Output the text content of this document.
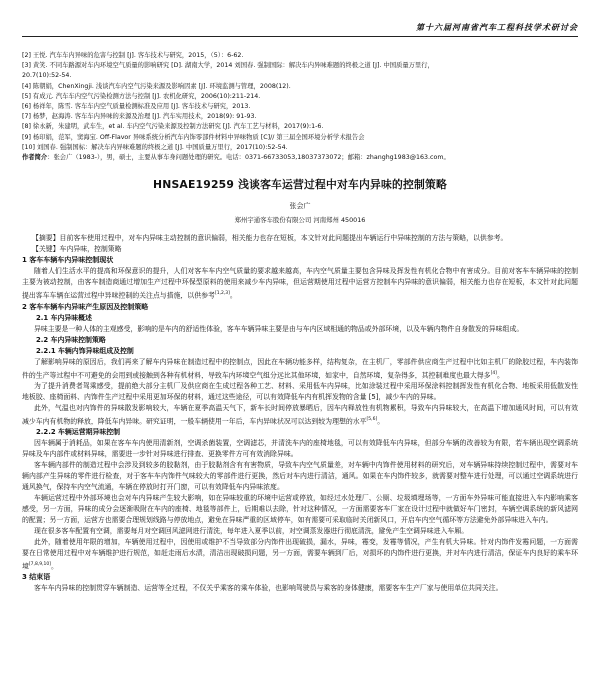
第十六届河南省汽车工程科技学术研讨会
[2] 王悦. 汽车车内异味的危害与控制 [J]. 客车技术与研究，2015，（5）：6-62.
[3] 黄笑. 不同车路源对车内环境空气质量的影响研究 [D]. 湖南大学，2014 刘国春. 强制国际：解决车内异味难题的终极之道 [J]. 中国质量万里行，
20.7(10):52-54.
[4] 陈朝娟，ChenXingji. 浅谈汽车内空气污染来源及影响因素 [J]. 环境监测与管理，2008(12).
[5] 有成元. 汽车车内空气污染检测方法与控制 [J]. 农机化研究，2006(10):211-214.
[6] 杨祥年，陈雪. 客车车内空气质量检测标准及应用 [J]. 客车技术与研究，2013.
[7] 杨梦，赵海涛. 客车车内异味的来源及治理 [J]. 汽车实用技术，2018(9): 91-93.
[8] 徐永新，朱建明，武车生，et al. 车内空气污染来源及控制方法研究 [J]. 汽车工艺与材料，2017(9):1-6.
[9] 杨印娟，范军，窦海宝. Off-Flavor 异味系统分析汽车内饰零部件材料中异味物质 [C]// 第三届全国环境分析学术报告会
[10] 刘国春. 强制国标：解决车内异味难题的终极之道 [J]. 中国质量万里行，2017(10):52-54.
作者简介：张会广（1983-），男，硕士，主要从事车身问题处理的研究。电话：0371-66733053,18037373072；邮箱：zhanghg1983@163.com。
HNSAE19259 浅谈客车运营过程中对车内异味的控制策略
张会广
郑州宇通客车股份有限公司 河南郑州 450016
【摘要】目前客车使用过程中，对车内异味主动控制的意识偏弱，相关能力也存在短板，本文针对此问题提出车辆运行中异味控制的方法与策略，以供参考。
【关键】车内异味，控制策略
1 客车车辆车内异味控制现状
随着人们生活水平的提高和环保意识的提升，人们对客车车内空气质量的要求越来越高，车内空气质量主要包含异味及挥发性有机化合物中有害成分。目前对客车车辆异味的控制主要为被动控制，由客车制造商通过增加生产过程中环保型原料的使用来减少车内异味，但运营期使用过程中运营方控制车内异味的意识偏弱，相关能力也存在短板，本文针对此问题提出客车车辆在运营过程中异味控制的关注点与措施，以供参考[1,2,3]。
2 客车车辆车内异味产生原因及控制策略
2.1 车内异味概述
异味主要是一种人体的主观感受，影响的是车内的舒适性体验，客车车辆异味主要是由与车内区域相通的物品或外部环境，以及车辆内物件自身散发的异味组成。
2.2 车内异味控制策略
2.2.1 车辆内饰异味组成及控制
了解影响异味的原因后，我们再来了解车内异味在制造过程中的控制点，因此在车辆功能多样，结构复杂，在主机厂，零部件供应商生产过程中比如主机厂的除胶过程，车内装饰件的生产等过程中不可避免的会用到或接触到各种有机材料，导致车内环境空气组分远比其他环境，如家中，自然环境，复杂得多，其控制难度也最大得多[4]。
为了提升消费者驾乘感受，提前绝大部分主机厂及供应商在生成过程各种工艺、材料、采用低车内异味，比如涂装过程中采用环保涂料控制挥发性有机化合物、地板采用低散发性地板胶、座椅面料、内饰件生产过程中采用更加环保的材料，通过这些途径，可以有效降低车内有机挥发物的含量 [5]，减少车内的异味。
此外，气温也对内饰件的异味散发影响较大，车辆在夏季高温天气下，新车长时间停放暴晒后，因车内释放性有机物累积，导致车内异味较大，在高温下增加通风时间，可以有效减少车内有机物的释放，降低车内异味。研究证明，一般车辆使用一年后，车内异味状况可以达到较为理想的水平[5,6]。
2.2.2 车辆运营期异味控制
因车辆属于消耗品，如果在客车车内使用清新剂，空调杀菌装置，空调滤芯，并清洗车内的座椅地毯，可以有效降低车内异味，但部分车辆的改善较为有限，若车辆出现空调系统异味及车内部件或材料异味，需要进一步针对异味进行排查、更换零件方可有效消除异味。
客车辆内部件的制造过程中会涉及到较多的胶黏剂，由于胶黏剂含有有害物质，导致车内空气质量差，对车辆中内饰件使用材料的研究后，对车辆异味持续控制过程中，需要对车辆内部产生异味的零件进行检查，对于客车车内饰件气味较大的零部件进行更换，然后对车内进行清洁，通风。如果在车内饰件较多，就需要对整车进行处理，可以通过空调系统进行通风换气，保持车内空气流通，车辆在停放时打开门窗，可以有效降低车内异味浓度。
车辆运营过程中外部环境也会对车内异味产生较大影响，如在异味较重的环境中运营或停放，如经过水处理厂、公厕、垃圾填埋场等，一方面车外异味可能直接进入车内影响乘客感受，另一方面，异味的成分会逐渐吸附在车内的座椅、地毯等部件上，后期难以去除，针对这种情况，一方面需要客车厂家在设计过程中就做好车门密封，车辆空调系统的新风滤网的配置；另一方面，运营方也需要合理规划线路与停放地点，避免在异味严重的区域停车，如有需要可采取临时关闭新风口，开启车内空气循环等方法避免外部异味进入车内。
现在很多客车配置有空调，需要每月对空调回风滤网进行清洗，每年进入夏季以前，对空调蒸发器进行彻底清洗，避免产生空调异味进入车厢。
此外，随着使用年限的增加，车辆使用过程中，因使用或维护不当导致部分内饰件出现破损，漏水，异味，霉变，发霉等情况，产生有机大异味。针对内饰件发霉问题，一方面需要在日常使用过程中对车辆维护进行规范，如赶走雨后水渍，清洁出现破损问题，另一方面，需要车辆到厂后，对损坏的内饰件进行更换，并对车内进行清洁，保证车内良好的乘车环境[7,8,9,10]。
3 结束语
客车车内异味的控制贯穿车辆制造、运营等全过程，不仅关乎乘客的乘车体验，也影响驾驶员与乘客的身体健康，需要客车生产厂家与使用单位共同关注。
